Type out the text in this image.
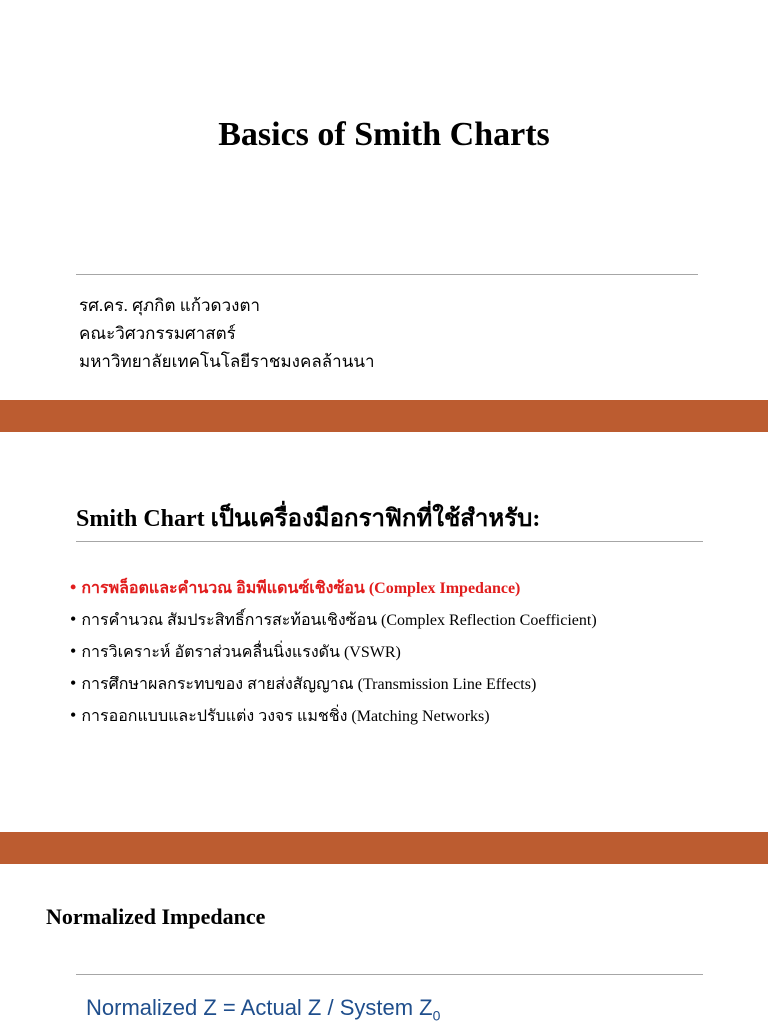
Basics of Smith Charts
รศ.คร. ศุภกิต แก้วดวงตา
คณะวิศวกรรมศาสตร์
มหาวิทยาลัยเทคโนโลยีราชมงคลล้านนา
Smith Chart เป็นเครื่องมือกราฟิกที่ใช้สำหรับ:
• การพล็อตและคำนวณ อิมพีแดนซ์เชิงซ้อน (Complex Impedance)
• การคำนวณ สัมประสิทธิ์การสะท้อนเชิงซ้อน (Complex Reflection Coefficient)
• การวิเคราะห์ อัตราส่วนคลื่นนิ่งแรงดัน (VSWR)
• การศึกษาผลกระทบของ สายส่งสัญญาณ (Transmission Line Effects)
• การออกแบบและปรับแต่ง วงจร แมชชิ่ง (Matching Networks)
Normalized Impedance
Normalized Z = Actual Z / System $Z_0$
